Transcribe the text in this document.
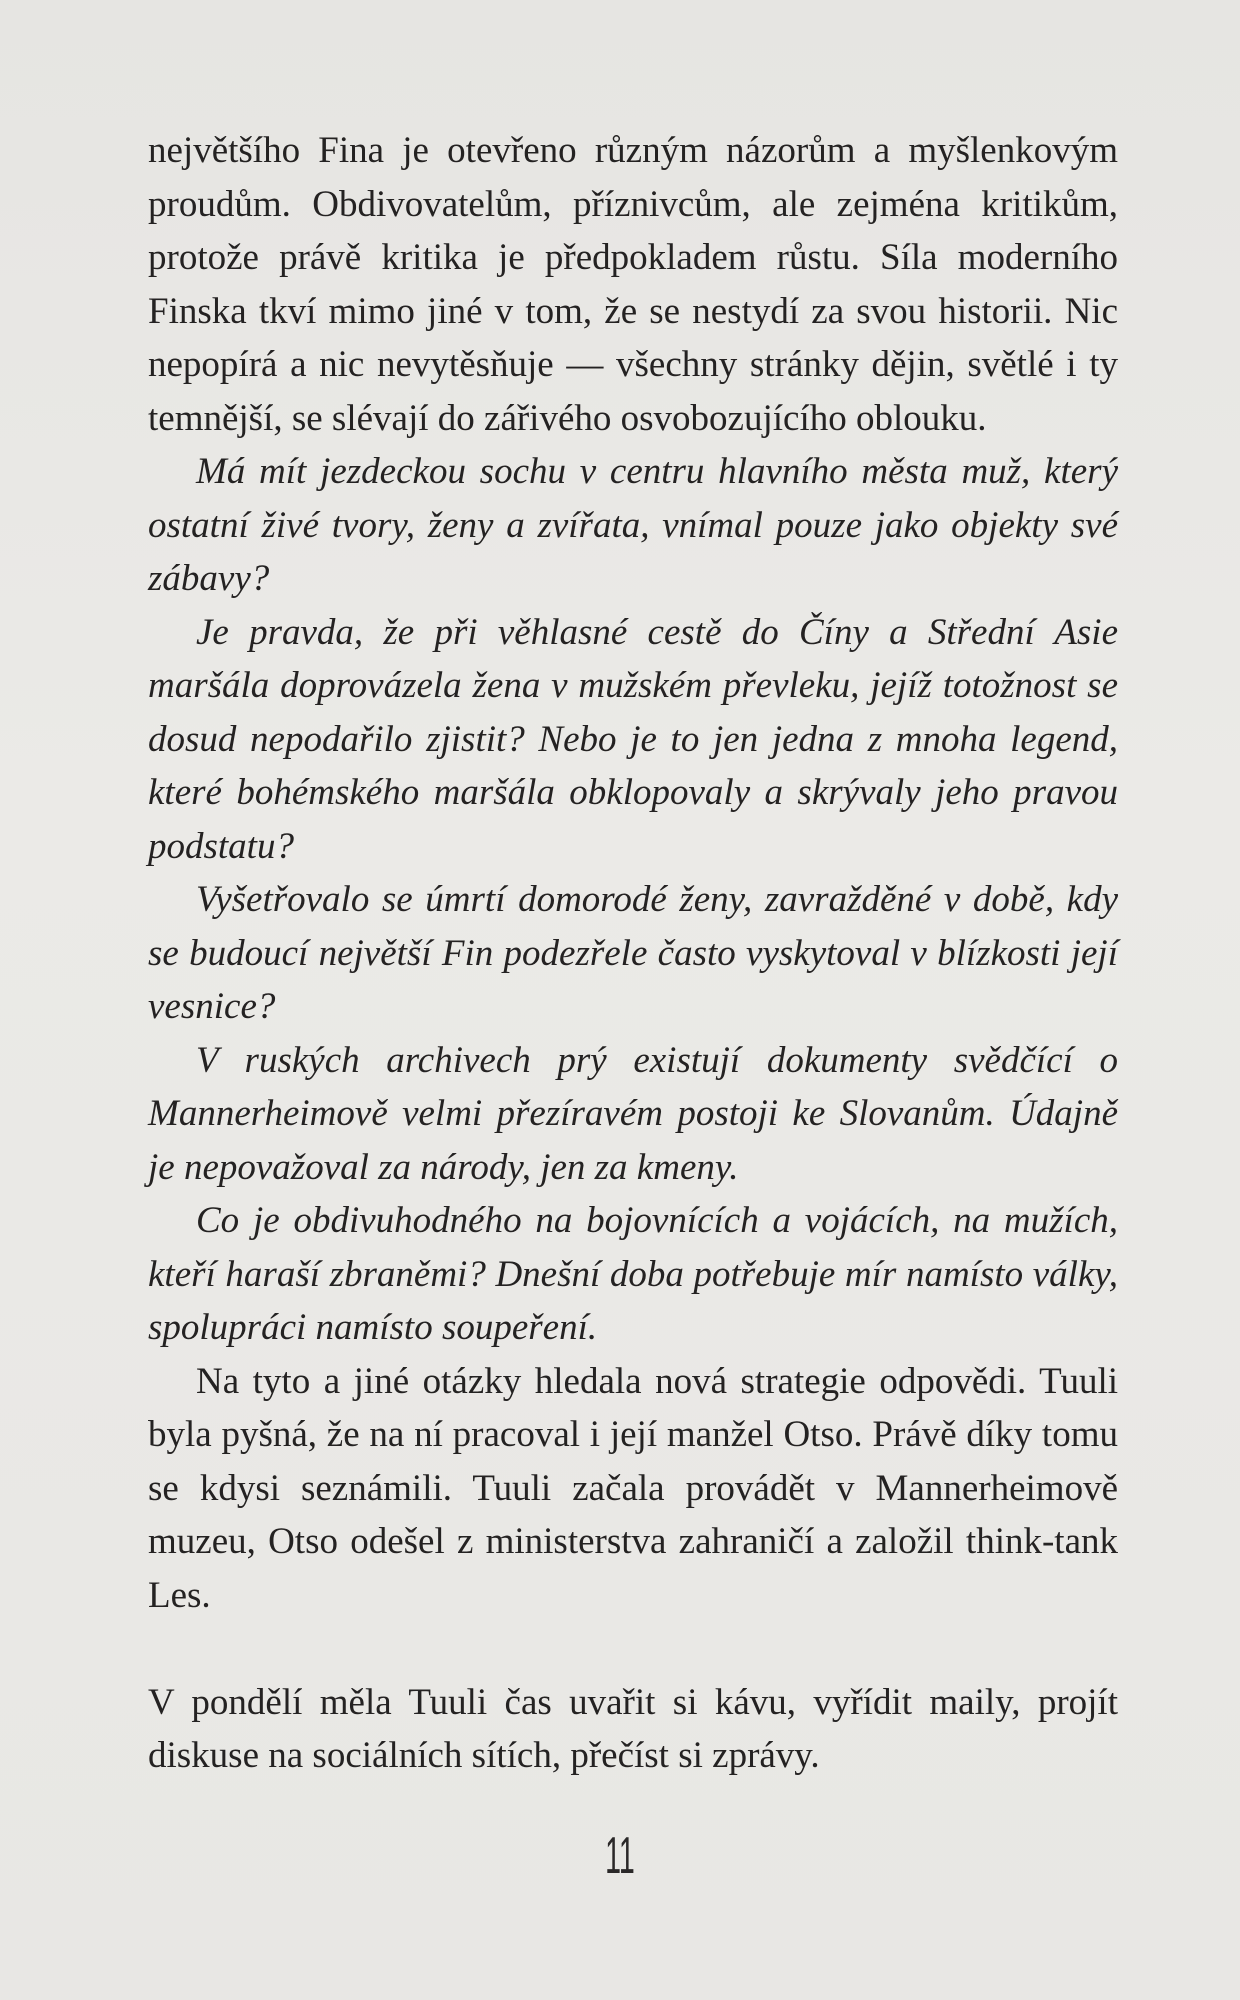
největšího Fina je otevřeno různým názorům a myšlenkovým proudům. Obdivovatelům, příznivcům, ale zejména kritikům, protože právě kritika je předpokladem růstu. Síla moderního Finska tkví mimo jiné v tom, že se nestydí za svou historii. Nic nepopírá a nic nevytěsňuje — všechny stránky dějin, světlé i ty temnější, se slévají do zářivého osvobozujícího oblouku.

Má mít jezdeckou sochu v centru hlavního města muž, který ostatní živé tvory, ženy a zvířata, vnímal pouze jako objekty své zábavy?

Je pravda, že při věhlasné cestě do Číny a Střední Asie maršála doprovázela žena v mužském převleku, jejíž totožnost se dosud nepodařilo zjistit? Nebo je to jen jedna z mnoha legend, které bohémského maršála obklopovaly a skrývaly jeho pravou podstatu?

Vyšetřovalo se úmrtí domorodé ženy, zavražděné v době, kdy se budoucí největší Fin podezřele často vyskytoval v blízkosti její vesnice?

V ruských archivech prý existují dokumenty svědčící o Mannerheimově velmi přezíravém postoji ke Slovanům. Údajně je nepovažoval za národy, jen za kmeny.

Co je obdivuhodného na bojovnících a vojácích, na mužích, kteří haraší zbraněmi? Dnešní doba potřebuje mír namísto války, spolupráci namísto soupeření.

Na tyto a jiné otázky hledala nová strategie odpovědi. Tuuli byla pyšná, že na ní pracoval i její manžel Otso. Právě díky tomu se kdysi seznámili. Tuuli začala provádět v Mannerheimově muzeu, Otso odešel z ministerstva zahraničí a založil think-tank Les.

V pondělí měla Tuuli čas uvařit si kávu, vyřídit maily, projít diskuse na sociálních sítích, přečíst si zprávy.

11
